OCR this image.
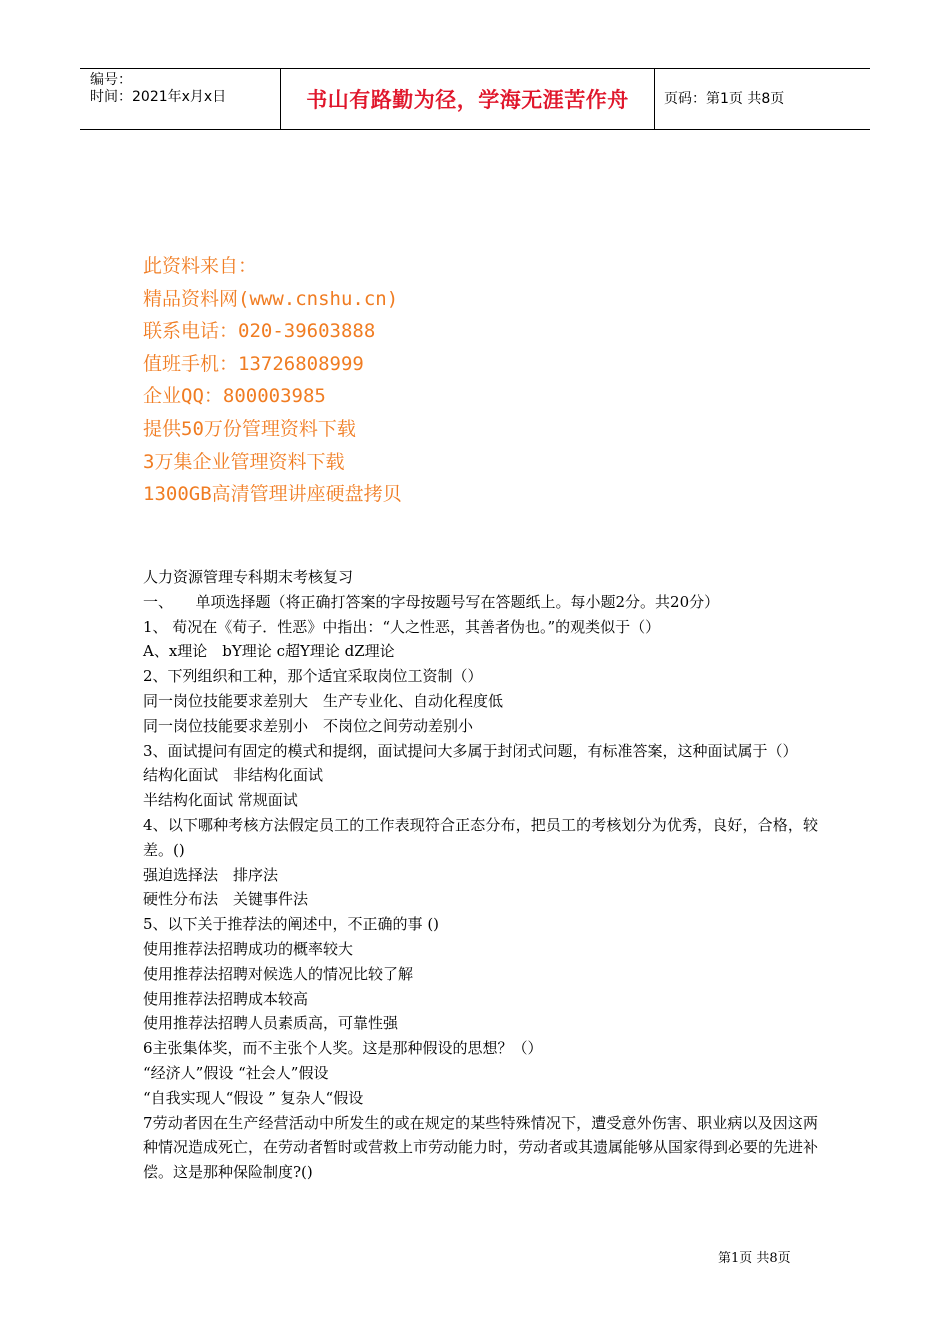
编号：
时间：2021年x月x日	书山有路勤为径，学海无涯苦作舟	页码：第1页 共8页
此资料来自：
精品资料网(www.cnshu.cn)
联系电话：020-39603888
值班手机：13726808999
企业QQ：800003985
提供50万份管理资料下载
3万集企业管理资料下载
1300GB高清管理讲座硬盘拷贝

人力资源管理专科期末考核复习

一、　　单项选择题（将正确打答案的字母按题号写在答题纸上。每小题2分。共20分）

1、 荀况在《荀子．性恶》中指出：“人之性恶，其善者伪也。”的观类似于（）

A、x理论　bY理论 c超Y理论 dZ理论

2、下列组织和工种，那个适宜采取岗位工资制（）

同一岗位技能要求差别大　生产专业化、自动化程度低

同一岗位技能要求差别小　不岗位之间劳动差别小

3、面试提问有固定的模式和提纲，面试提问大多属于封闭式问题，有标准答案，这种面试属于（）

结构化面试　非结构化面试

半结构化面试 常规面试

4、以下哪种考核方法假定员工的工作表现符合正态分布，把员工的考核划分为优秀，良好，合格，较差。()

强迫选择法　排序法

硬性分布法　关键事件法

5、以下关于推荐法的阐述中，不正确的事 ()

使用推荐法招聘成功的概率较大

使用推荐法招聘对候选人的情况比较了解

使用推荐法招聘成本较高

使用推荐法招聘人员素质高，可靠性强

6主张集体奖，而不主张个人奖。这是那种假设的思想？（）

“经济人”假设 “社会人”假设

“自我实现人“假设 ” 复杂人“假设

7劳动者因在生产经营活动中所发生的或在规定的某些特殊情况下，遭受意外伤害、职业病以及因这两种情况造成死亡，在劳动者暂时或营救上市劳动能力时，劳动者或其遗属能够从国家得到必要的先进补偿。这是那种保险制度?()

第1页 共8页
